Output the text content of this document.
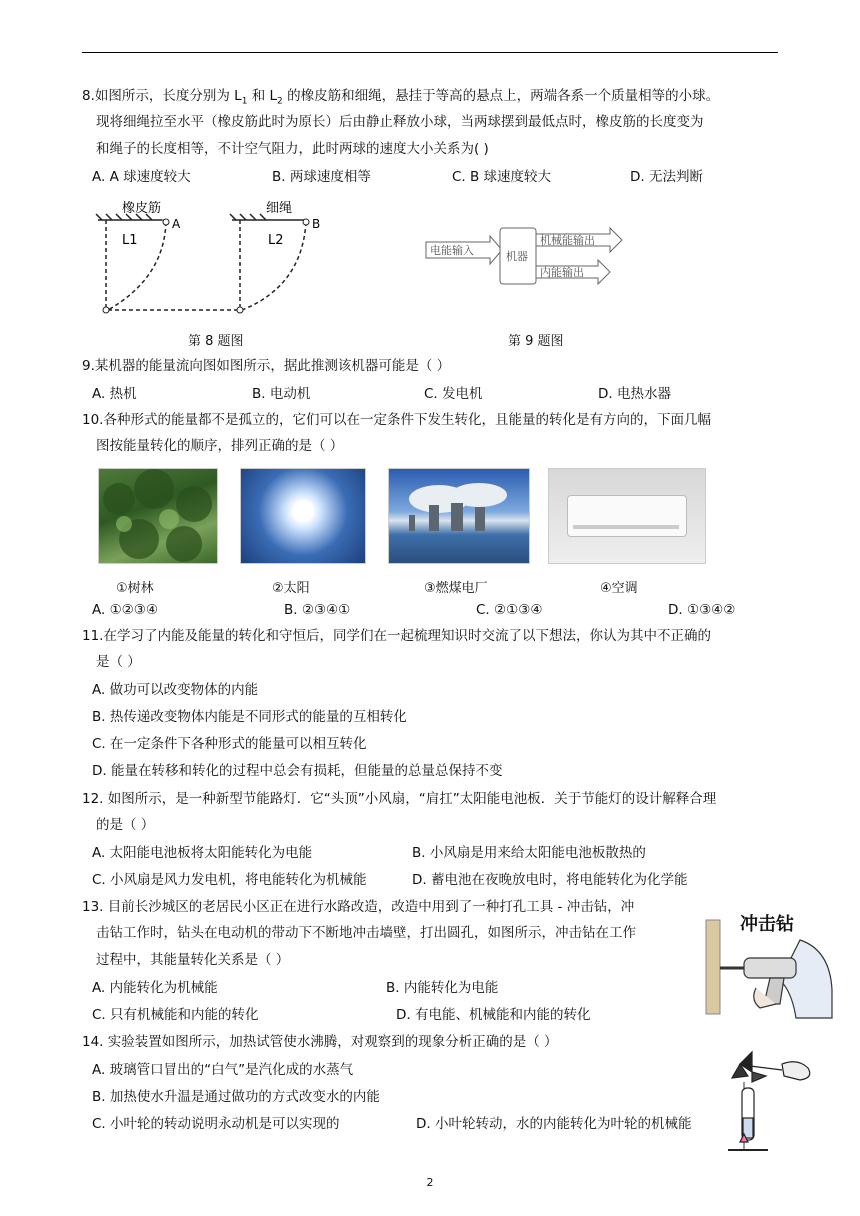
8.如图所示，长度分别为 $L_1$ 和 $L_2$ 的橡皮筋和细绳，悬挂于等高的悬点上，两端各系一个质量相等的小球。
现将细绳拉至水平（橡皮筋此时为原长）后由静止释放小球，当两球摆到最低点时，橡皮筋的长度变为
和绳子的长度相等，不计空气阻力，此时两球的速度大小关系为( )
A. A 球速度较大	B. 两球速度相等	C. B 球速度较大	D. 无法判断
橡皮筋	细绳
L1	L2
A	B
第 8 题图
电能输入	机器
机械能输出
内能输出
第 9 题图
9.某机器的能量流向图如图所示，据此推测该机器可能是（ ）
A. 热机	B. 电动机	C. 发电机	D. 电热水器
10.各种形式的能量都不是孤立的，它们可以在一定条件下发生转化，且能量的转化是有方向的，下面几幅
图按能量转化的顺序，排列正确的是（ ）
①树林	②太阳	③燃煤电厂	④空调
A. ①②③④	B. ②③④①	C. ②①③④	D. ①③④②
11.在学习了内能及能量的转化和守恒后，同学们在一起梳理知识时交流了以下想法，你认为其中不正确的
是（ ）
A. 做功可以改变物体的内能
B. 热传递改变物体内能是不同形式的能量的互相转化
C. 在一定条件下各种形式的能量可以相互转化
D. 能量在转移和转化的过程中总会有损耗，但能量的总量总保持不变
12. 如图所示，是一种新型节能路灯．它“头顶”小风扇，“肩扛”太阳能电池板．关于节能灯的设计解释合理
的是（ ）
A. 太阳能电池板将太阳能转化为电能	B. 小风扇是用来给太阳能电池板散热的
C. 小风扇是风力发电机，将电能转化为机械能	D. 蓄电池在夜晚放电时，将电能转化为化学能
13. 目前长沙城区的老居民小区正在进行水路改造，改造中用到了一种打孔工具 - 冲击钻，冲
击钻工作时，钻头在电动机的带动下不断地冲击墙壁，打出圆孔，如图所示，冲击钻在工作
过程中，其能量转化关系是（ ）
A. 内能转化为机械能	B. 内能转化为电能
C. 只有机械能和内能的转化	D. 有电能、机械能和内能的转化
冲击钻
14. 实验装置如图所示，加热试管使水沸腾，对观察到的现象分析正确的是（ ）
A. 玻璃管口冒出的“白气”是汽化成的水蒸气
B. 加热使水升温是通过做功的方式改变水的内能
C. 小叶轮的转动说明永动机是可以实现的	D. 小叶轮转动，水的内能转化为叶轮的机械能
2
